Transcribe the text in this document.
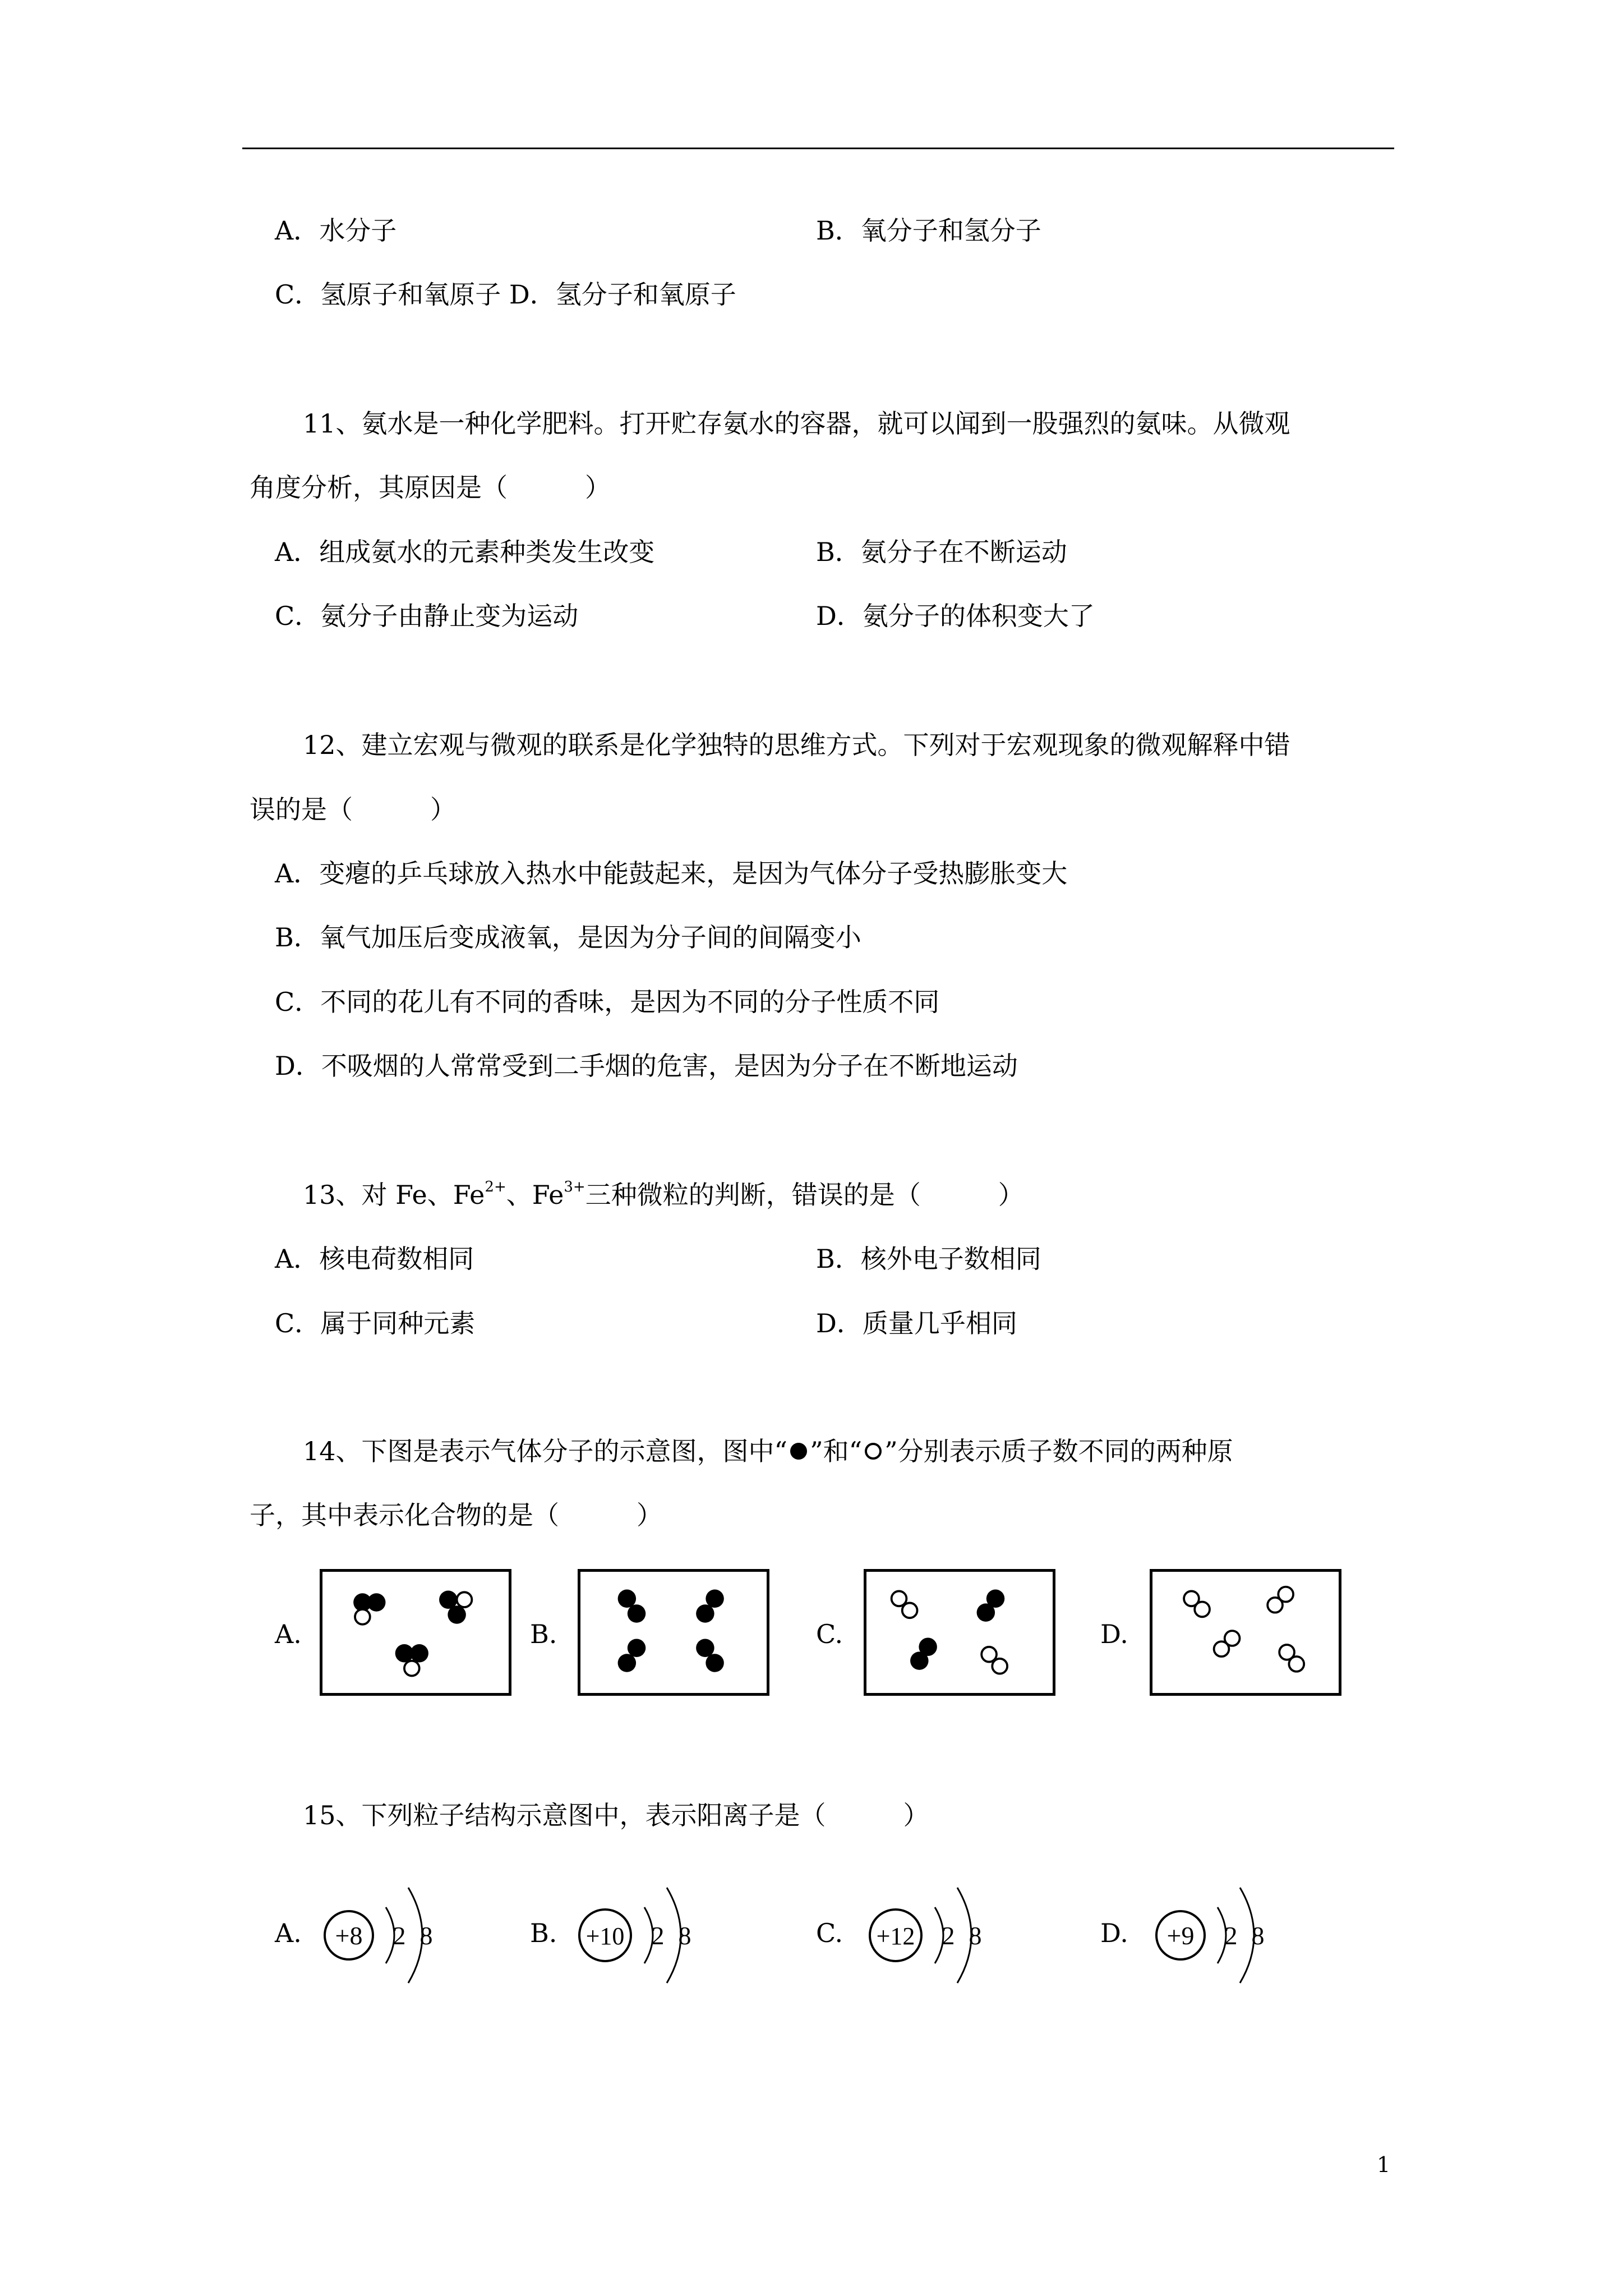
A．水分子	B．氧分子和氢分子
C．氢原子和氧原子 D．氢分子和氧原子
11、氨水是一种化学肥料。打开贮存氨水的容器，就可以闻到一股强烈的氨味。从微观
角度分析，其原因是（　　　）
A．组成氨水的元素种类发生改变	B．氨分子在不断运动
C．氨分子由静止变为运动	D．氨分子的体积变大了
12、建立宏观与微观的联系是化学独特的思维方式。下列对于宏观现象的微观解释中错
误的是（　　　）
A．变瘪的乒乓球放入热水中能鼓起来，是因为气体分子受热膨胀变大
B．氧气加压后变成液氧，是因为分子间的间隔变小
C．不同的花儿有不同的香味，是因为不同的分子性质不同
D．不吸烟的人常常受到二手烟的危害，是因为分子在不断地运动
13、对 Fe、$Fe^{2+}$、$Fe^{3+}$三种微粒的判断，错误的是（　　　）
A．核电荷数相同	B．核外电子数相同
C．属于同种元素	D．质量几乎相同
14、下图是表示气体分子的示意图，图中“ ”和“ ”分别表示质子数不同的两种原
子，其中表示化合物的是（　　　）
A.	B.	C.	D.
15、下列粒子结构示意图中，表示阳离子是（　　　）
A.	B.	C.	D.
+8 2 8	+10 2 8	+12 2 8	+9 2 8
1
